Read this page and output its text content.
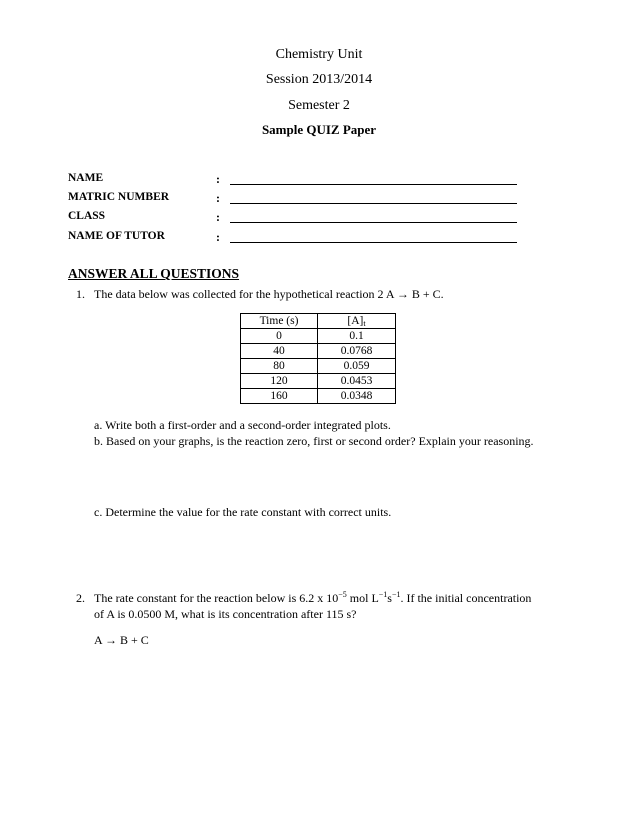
Chemistry Unit
Session 2013/2014
Semester 2
Sample QUIZ Paper
NAME	:
MATRIC NUMBER	:
CLASS	:
NAME OF TUTOR	:
ANSWER ALL QUESTIONS
1. The data below was collected for the hypothetical reaction 2 A → B + C.
Time (s)	$[A]_t$
0	0.1
40	0.0768
80	0.059
120	0.0453
160	0.0348
a. Write both a first-order and a second-order integrated plots.
b. Based on your graphs, is the reaction zero, first or second order? Explain your reasoning.
c. Determine the value for the rate constant with correct units.
2. The rate constant for the reaction below is 6.2 x $10^{-5}$ mol $L^{-1}s^{-1}$. If the initial concentration
of A is 0.0500 M, what is its concentration after 115 s?
A → B + C
